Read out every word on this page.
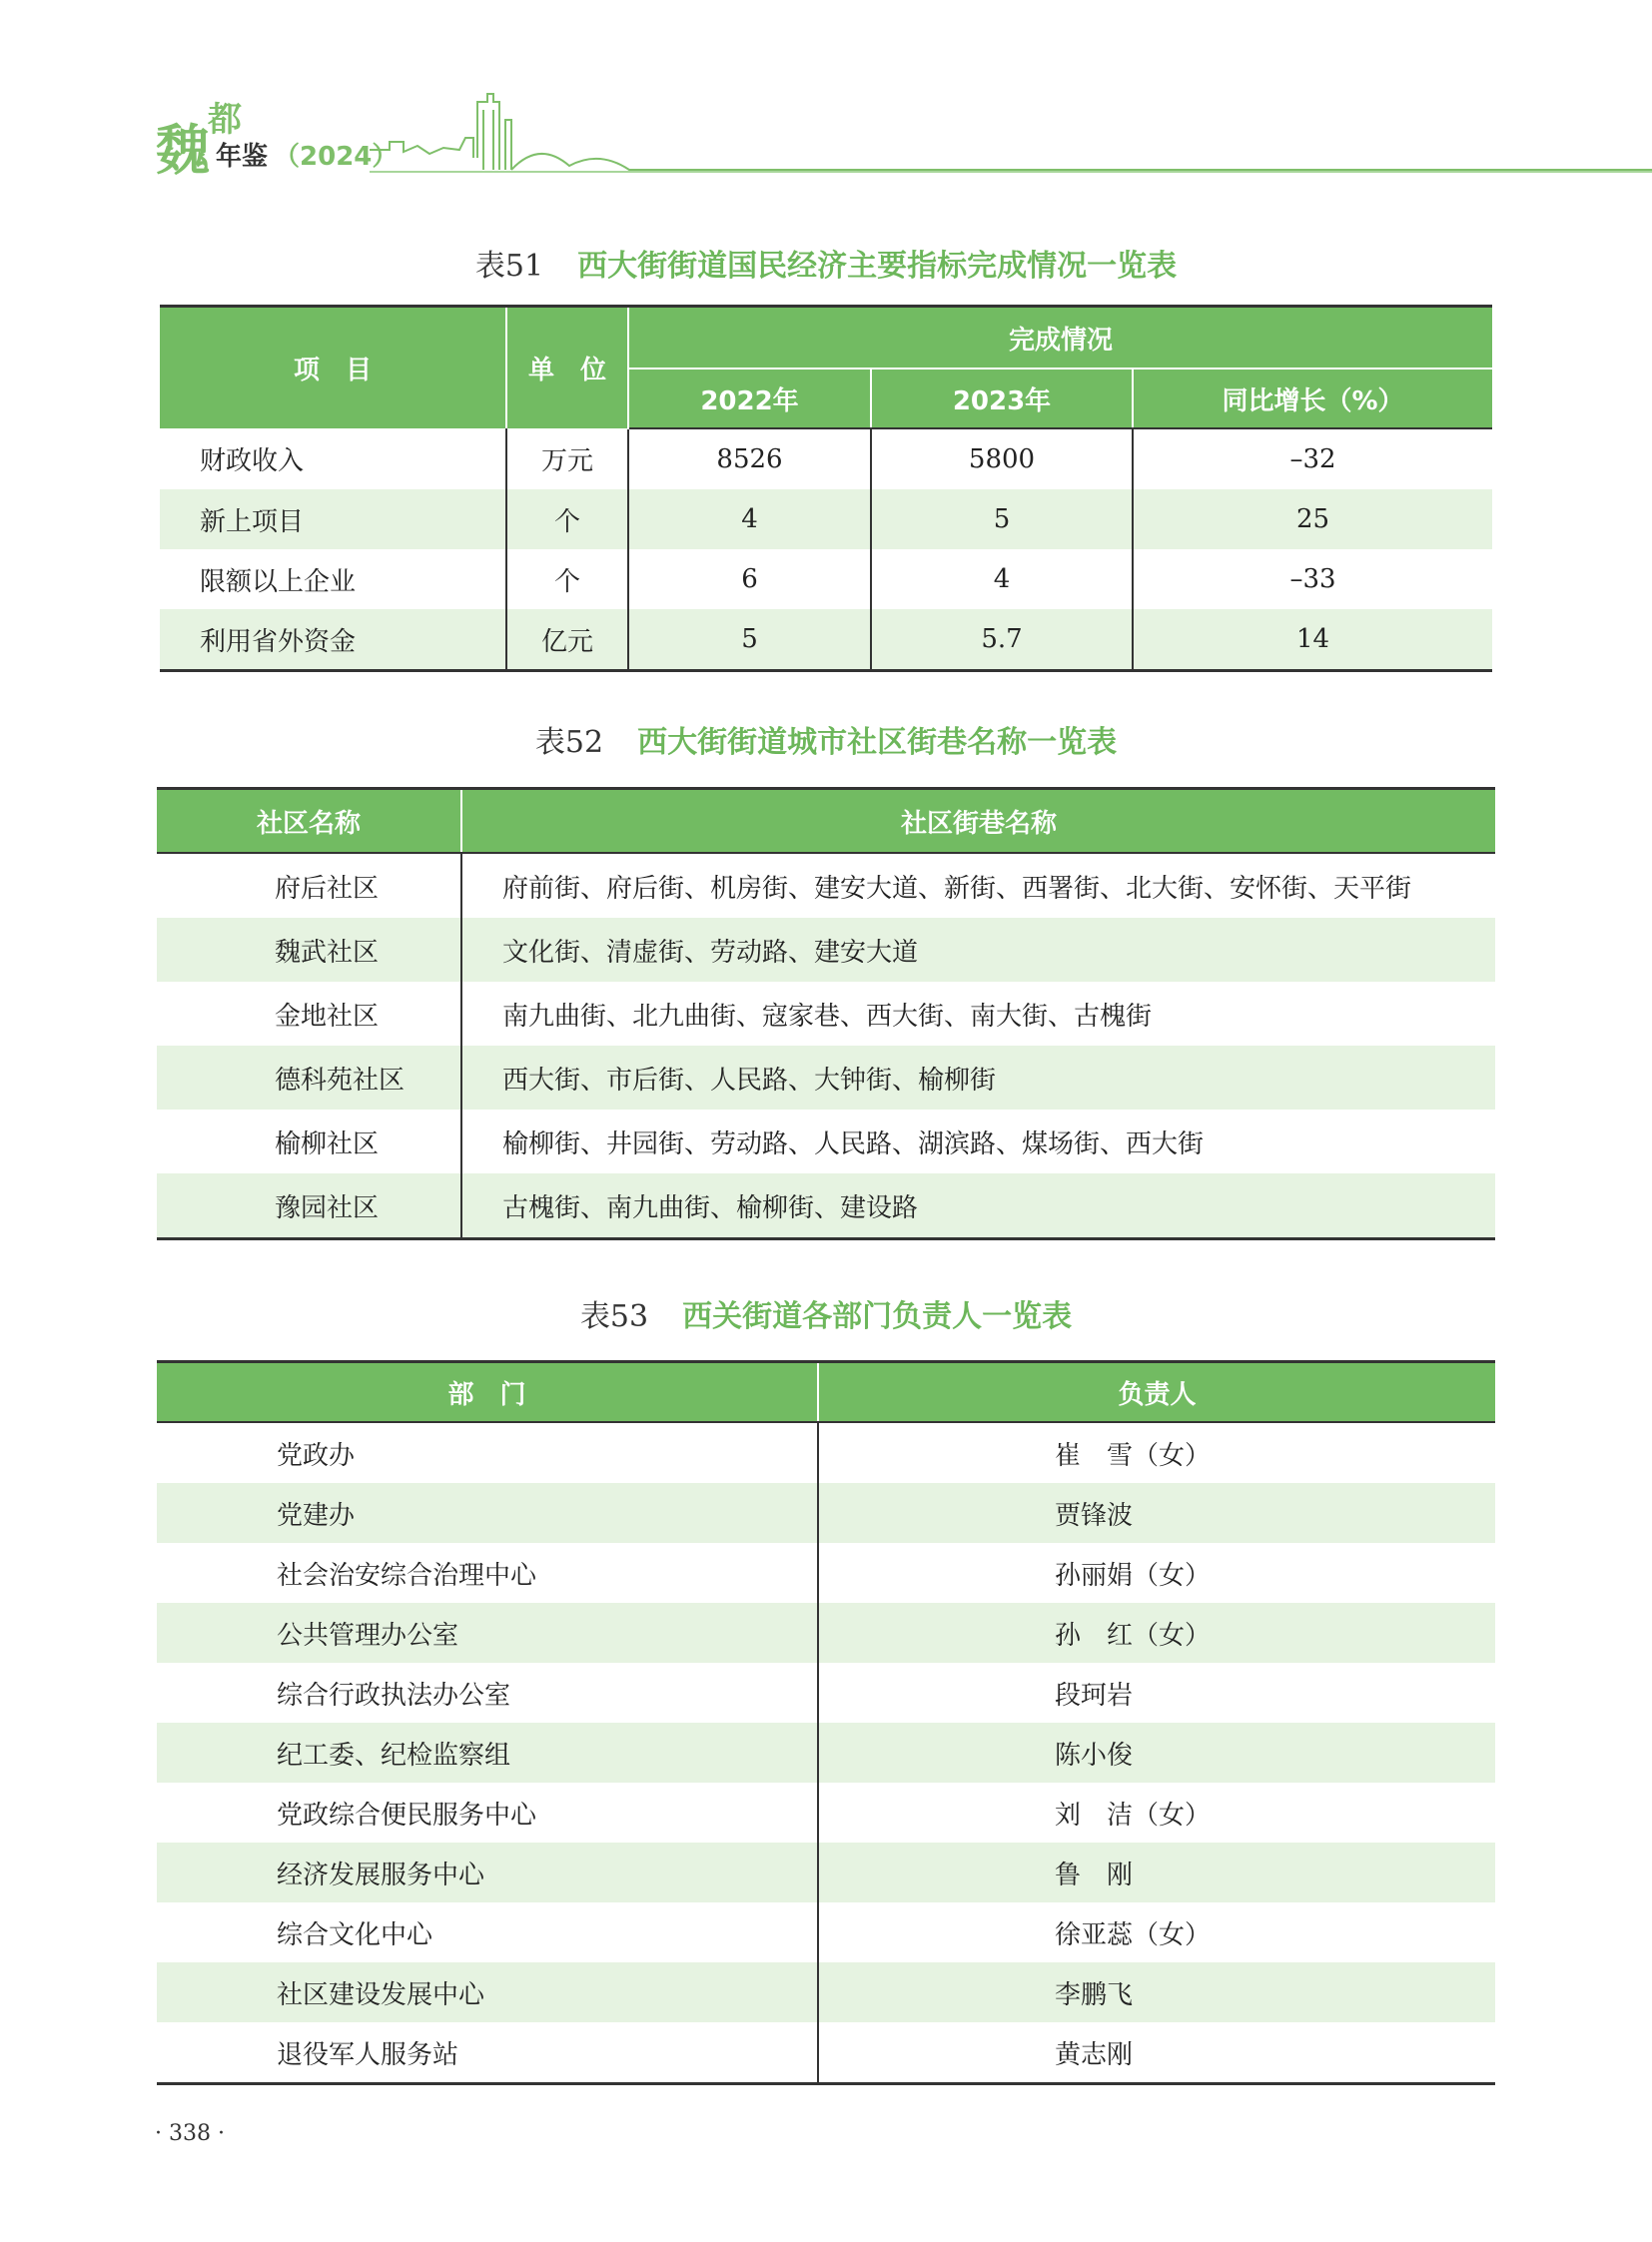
魏
都
年鉴 （2024）
表51 西大街街道国民经济主要指标完成情况一览表
项　目	单　位	完成情况		
		2022年	2023年	同比增长（%）
财政收入	万元	8526	5800	–32
新上项目	个	4	5	25
限额以上企业	个	6	4	–33
利用省外资金	亿元	5	5.7	14
表52 西大街街道城市社区街巷名称一览表
社区名称	社区街巷名称
府后社区	府前街、府后街、机房街、建安大道、新街、西署街、北大街、安怀街、天平街
魏武社区	文化街、清虚街、劳动路、建安大道
金地社区	南九曲街、北九曲街、寇家巷、西大街、南大街、古槐街
德科苑社区	西大街、市后街、人民路、大钟街、榆柳街
榆柳社区	榆柳街、井园街、劳动路、人民路、湖滨路、煤场街、西大街
豫园社区	古槐街、南九曲街、榆柳街、建设路
表53 西关街道各部门负责人一览表
部　门	负责人
党政办	崔　雪（女）
党建办	贾锋波
社会治安综合治理中心	孙丽娟（女）
公共管理办公室	孙　红（女）
综合行政执法办公室	段珂岩
纪工委、纪检监察组	陈小俊
党政综合便民服务中心	刘　洁（女）
经济发展服务中心	鲁　刚
综合文化中心	徐亚蕊（女）
社区建设发展中心	李鹏飞
退役军人服务站	黄志刚
· 338 ·
